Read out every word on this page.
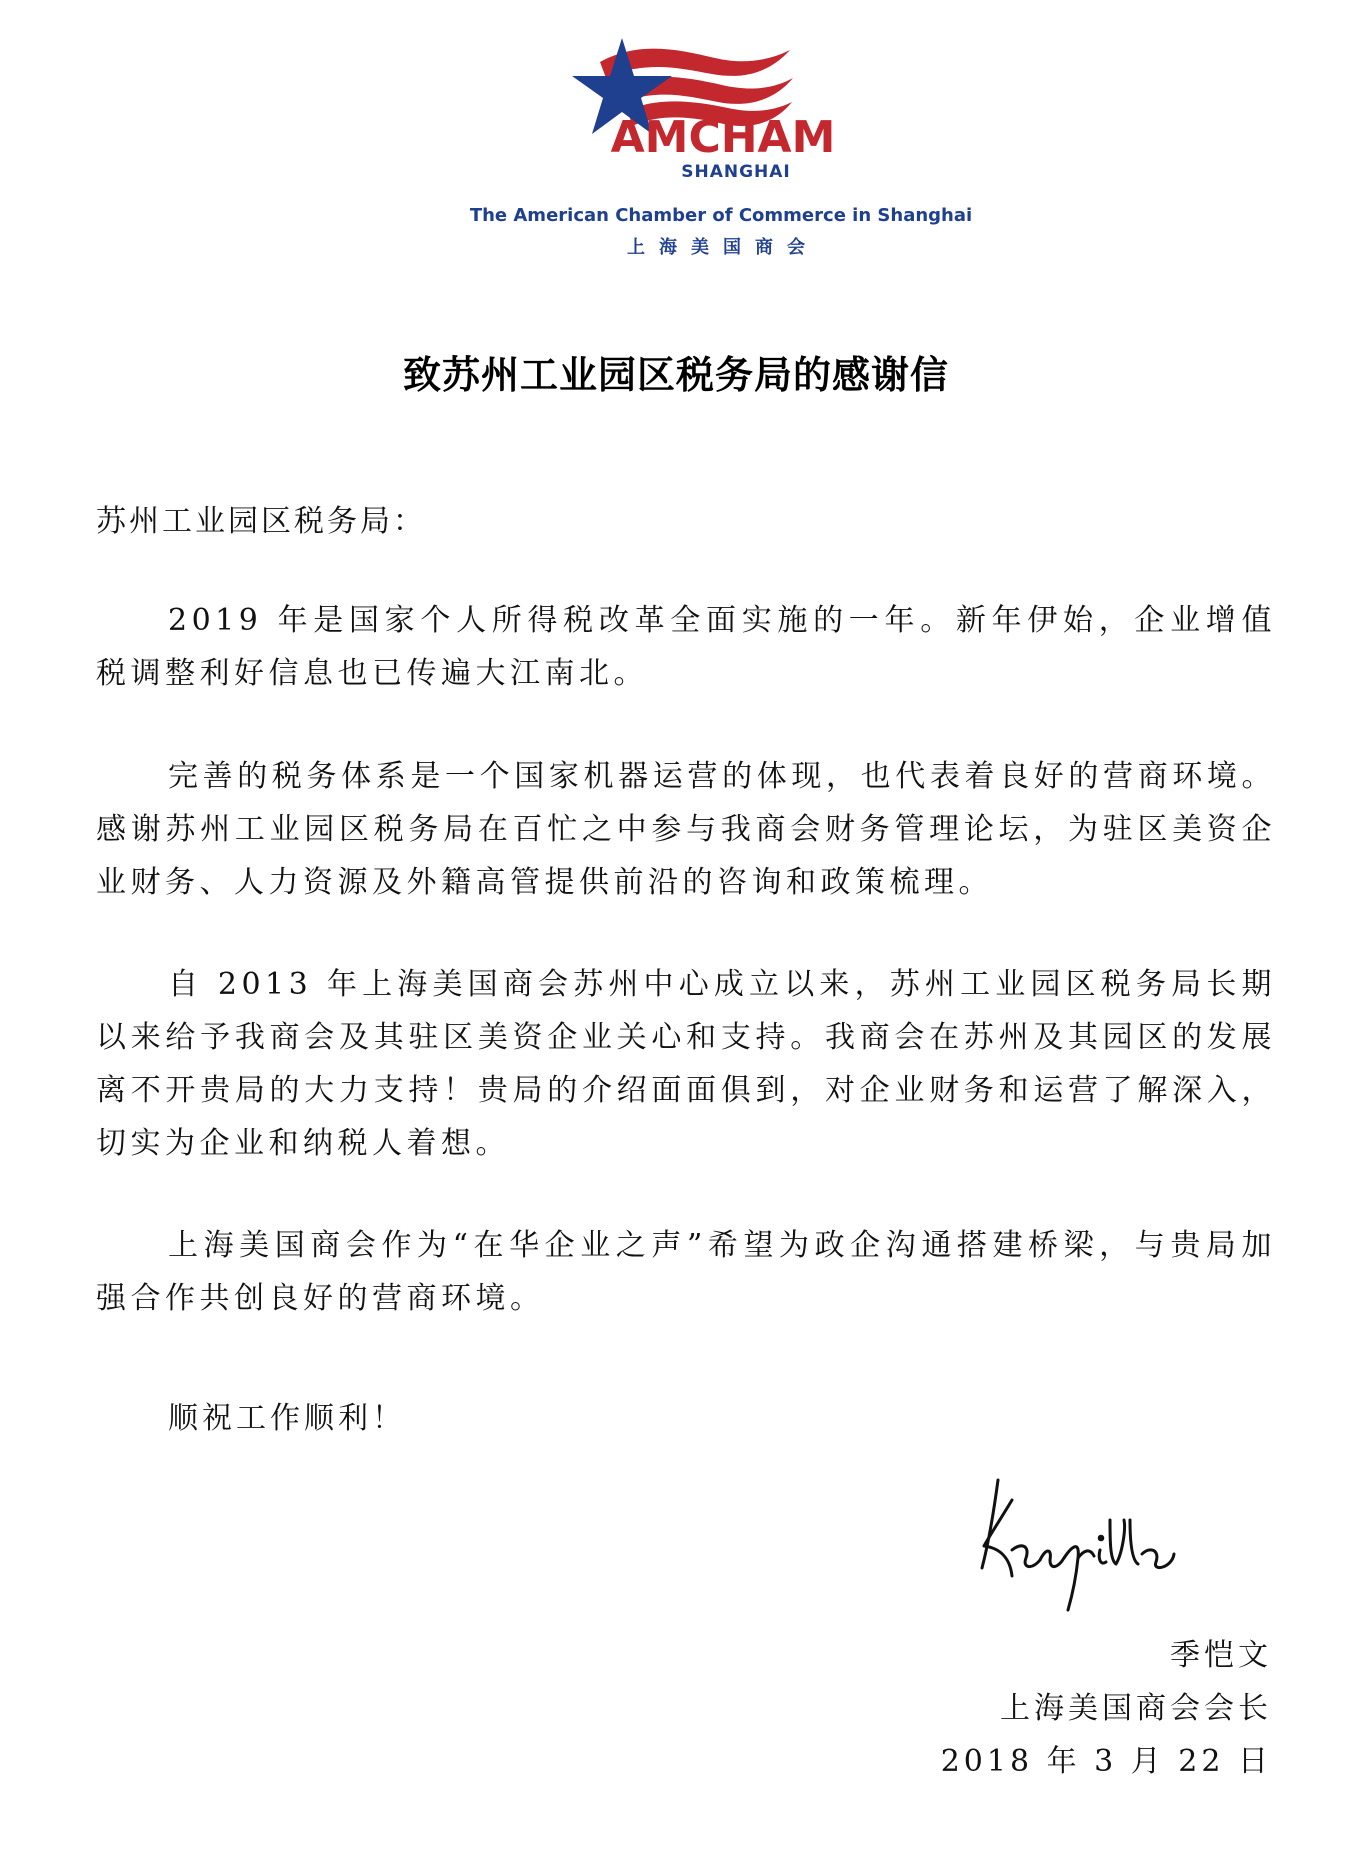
AMCHAM
SHANGHAI
The American Chamber of Commerce in Shanghai
上海美国商会
致苏州工业园区税务局的感谢信
苏州工业园区税务局：

2019 年是国家个人所得税改革全面实施的一年。新年伊始，企业增值税调整利好信息也已传遍大江南北。

完善的税务体系是一个国家机器运营的体现，也代表着良好的营商环境。感谢苏州工业园区税务局在百忙之中参与我商会财务管理论坛，为驻区美资企业财务、人力资源及外籍高管提供前沿的咨询和政策梳理。

自 2013 年上海美国商会苏州中心成立以来，苏州工业园区税务局长期以来给予我商会及其驻区美资企业关心和支持。我商会在苏州及其园区的发展离不开贵局的大力支持！贵局的介绍面面俱到，对企业财务和运营了解深入，切实为企业和纳税人着想。

上海美国商会作为“在华企业之声”希望为政企沟通搭建桥梁，与贵局加强合作共创良好的营商环境。

顺祝工作顺利！
季恺文
上海美国商会会长
2018 年 3 月 22 日
